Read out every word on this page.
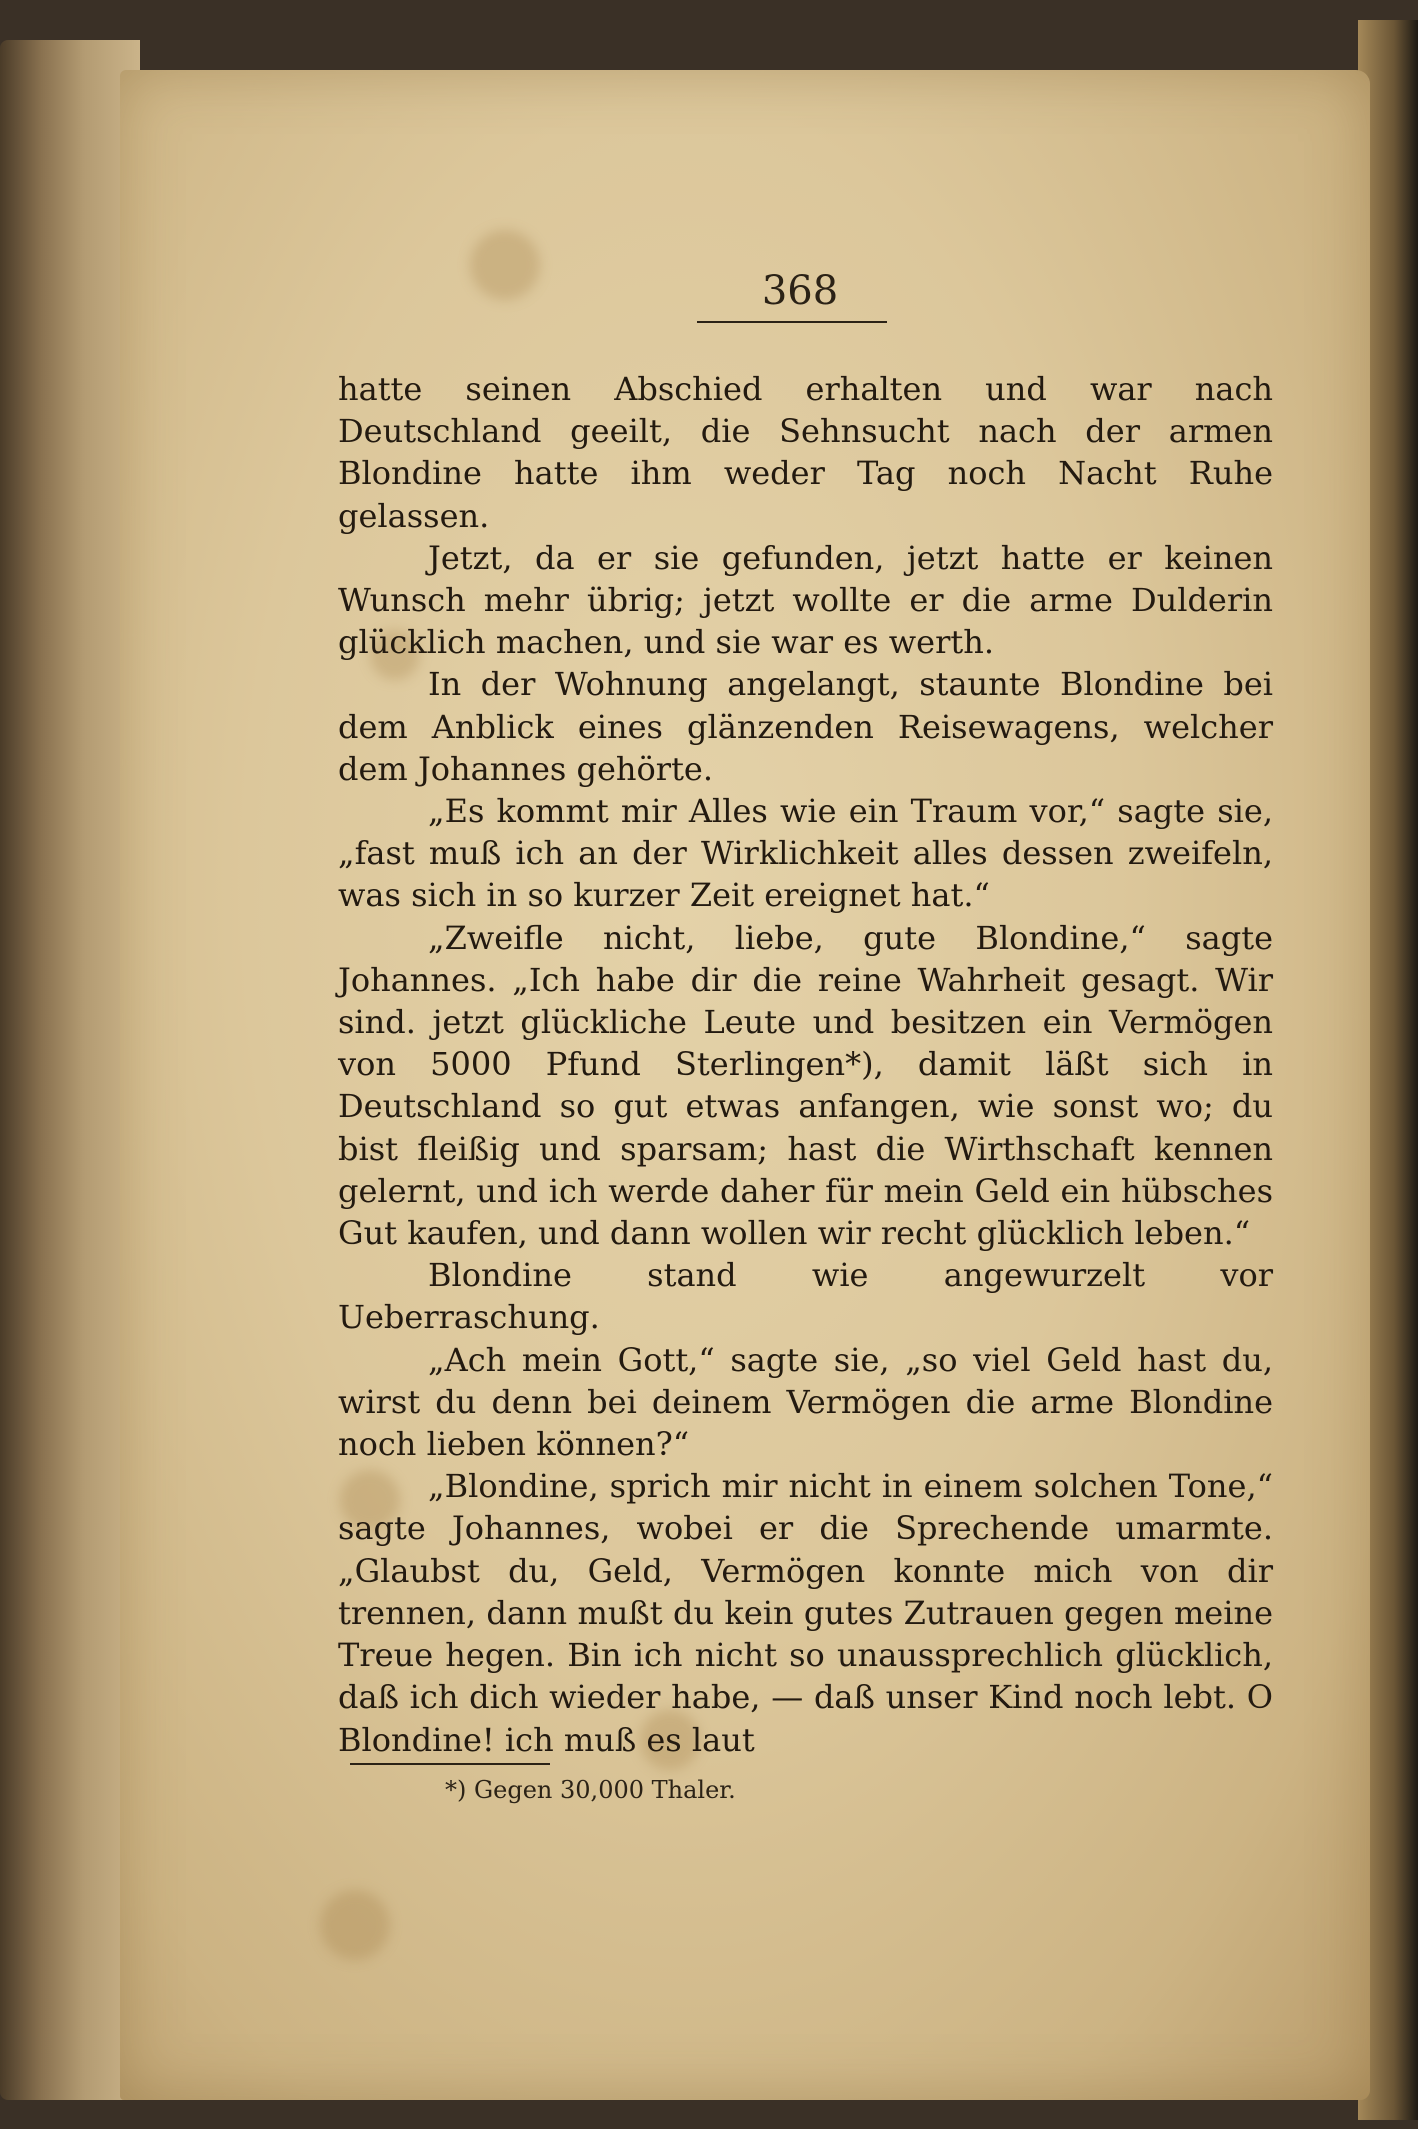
368

hatte seinen Abschied erhalten und war nach Deutschland geeilt, die Sehnsucht nach der armen Blondine hatte ihm weder Tag noch Nacht Ruhe gelassen.

Jetzt, da er sie gefunden, jetzt hatte er keinen Wunsch mehr übrig; jetzt wollte er die arme Dulderin glücklich machen, und sie war es werth.

In der Wohnung angelangt, staunte Blondine bei dem Anblick eines glänzenden Reisewagens, welcher dem Johannes gehörte.

„Es kommt mir Alles wie ein Traum vor,“ sagte sie, „fast muß ich an der Wirklichkeit alles dessen zweifeln, was sich in so kurzer Zeit ereignet hat.“

„Zweifle nicht, liebe, gute Blondine,“ sagte Johannes. „Ich habe dir die reine Wahrheit gesagt. Wir sind. jetzt glückliche Leute und besitzen ein Vermögen von 5000 Pfund Sterlingen*), damit läßt sich in Deutschland so gut etwas anfangen, wie sonst wo; du bist fleißig und sparsam; hast die Wirthschaft kennen gelernt, und ich werde daher für mein Geld ein hübsches Gut kaufen, und dann wollen wir recht glücklich leben.“

Blondine stand wie angewurzelt vor Ueberraschung.

„Ach mein Gott,“ sagte sie, „so viel Geld hast du, wirst du denn bei deinem Vermögen die arme Blondine noch lieben können?“

„Blondine, sprich mir nicht in einem solchen Tone,“ sagte Johannes, wobei er die Sprechende umarmte. „Glaubst du, Geld, Vermögen konnte mich von dir trennen, dann mußt du kein gutes Zutrauen gegen meine Treue hegen. Bin ich nicht so unaussprechlich glücklich, daß ich dich wieder habe, — daß unser Kind noch lebt. O Blondine! ich muß es laut

*) Gegen 30,000 Thaler.
